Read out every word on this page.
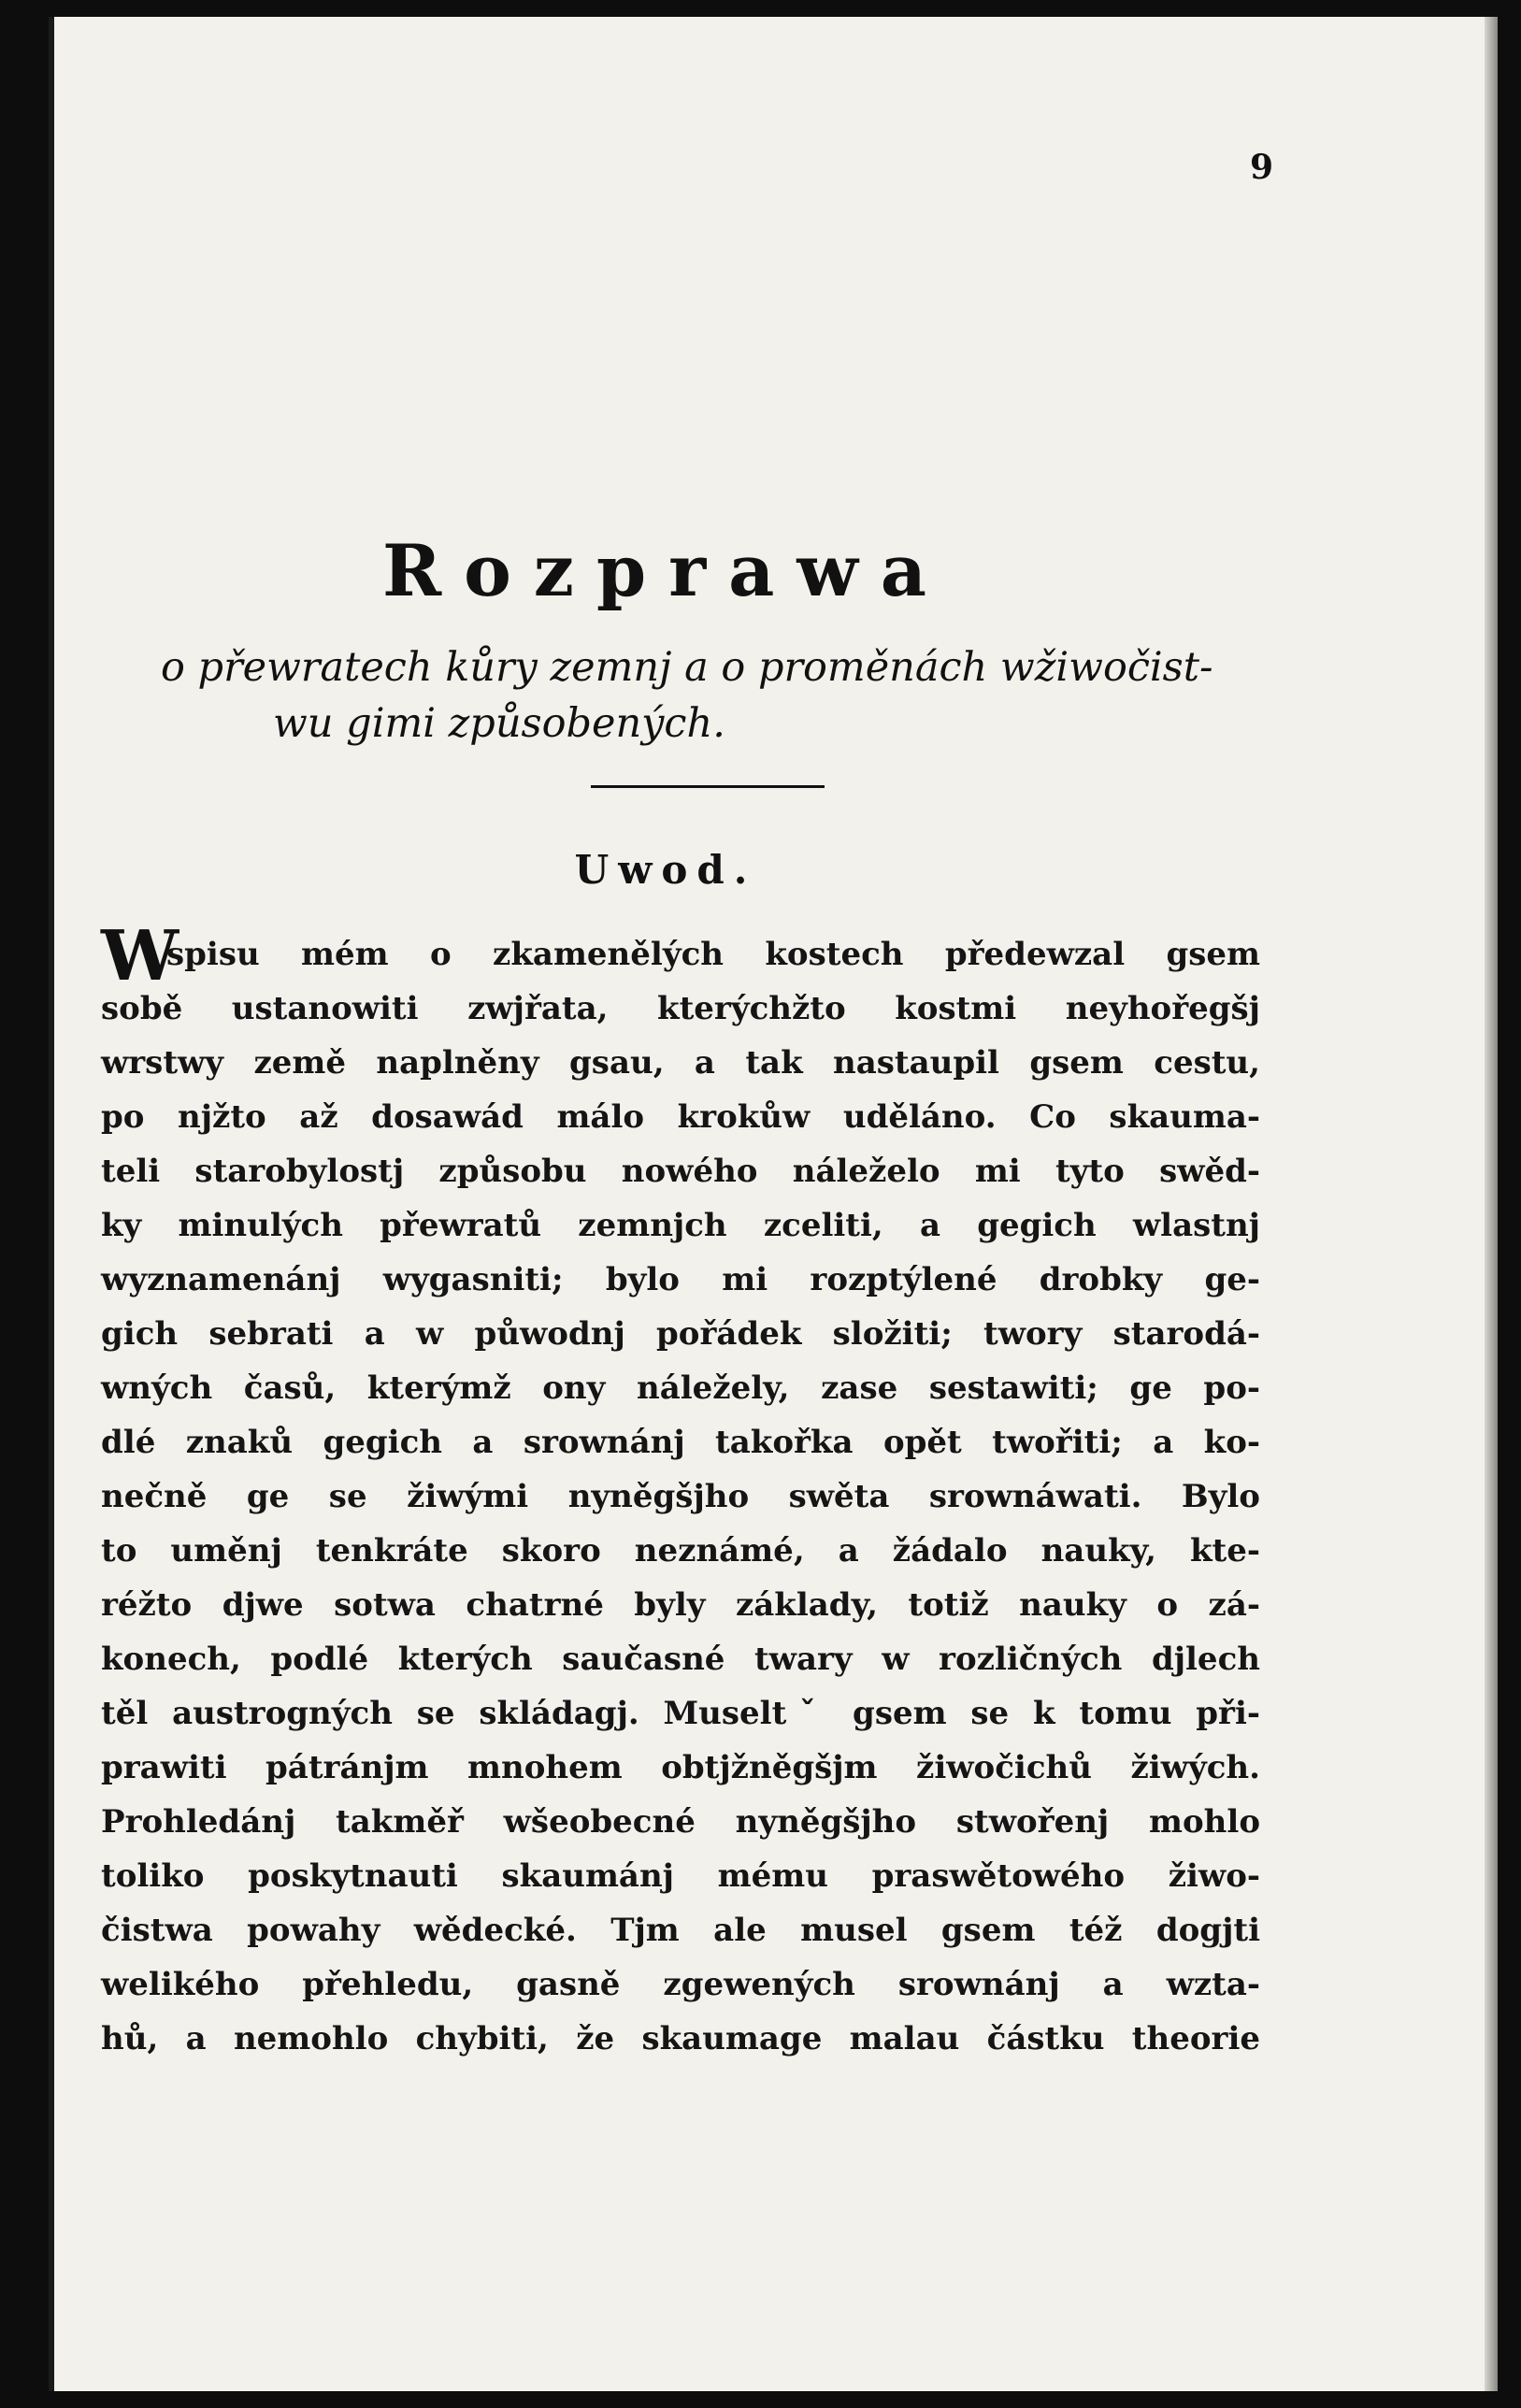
9
Rozprawa
o přewratech kůry zemnj a o proměnách wžiwočist-
wu gimi způsobených.
Uwod.
W
spisu mém o zkamenělých kostech předewzal gsem
sobě ustanowiti zwjřata, kterýchžto kostmi neyhořegšj
wrstwy země naplněny gsau, a tak nastaupil gsem cestu,
po njžto až dosawád málo krokůw uděláno. Co skauma-
teli starobylostj způsobu nowého náleželo mi tyto swěd-
ky minulých přewratů zemnjch zceliti, a gegich wlastnj
wyznamenánj wygasniti; bylo mi rozptýlené drobky ge-
gich sebrati a w půwodnj pořádek složiti; twory starodá-
wných časů, kterýmž ony náležely, zase sestawiti; ge po-
dlé znaků gegich a srownánj takořka opět twořiti; a ko-
nečně ge se žiwými nyněgšjho swěta srownáwati. Bylo
to uměnj tenkráte skoro neznámé, a žádalo nauky, kte-
réžto djwe sotwa chatrné byly základy, totiž nauky o zá-
konech, podlé kterých saučasné twary w rozličných djlech
těl austrogných se skládagj. Museltˇ gsem se k tomu při-
prawiti pátránjm mnohem obtjžněgšjm žiwočichů žiwých.
Prohledánj takměř wšeobecné nyněgšjho stwořenj mohlo
toliko poskytnauti skaumánj mému praswětowého žiwo-
čistwa powahy wědecké. Tjm ale musel gsem též dogjti
welikého přehledu, gasně zgewených srownánj a wzta-
hů, a nemohlo chybiti, že skaumage malau částku theorie
